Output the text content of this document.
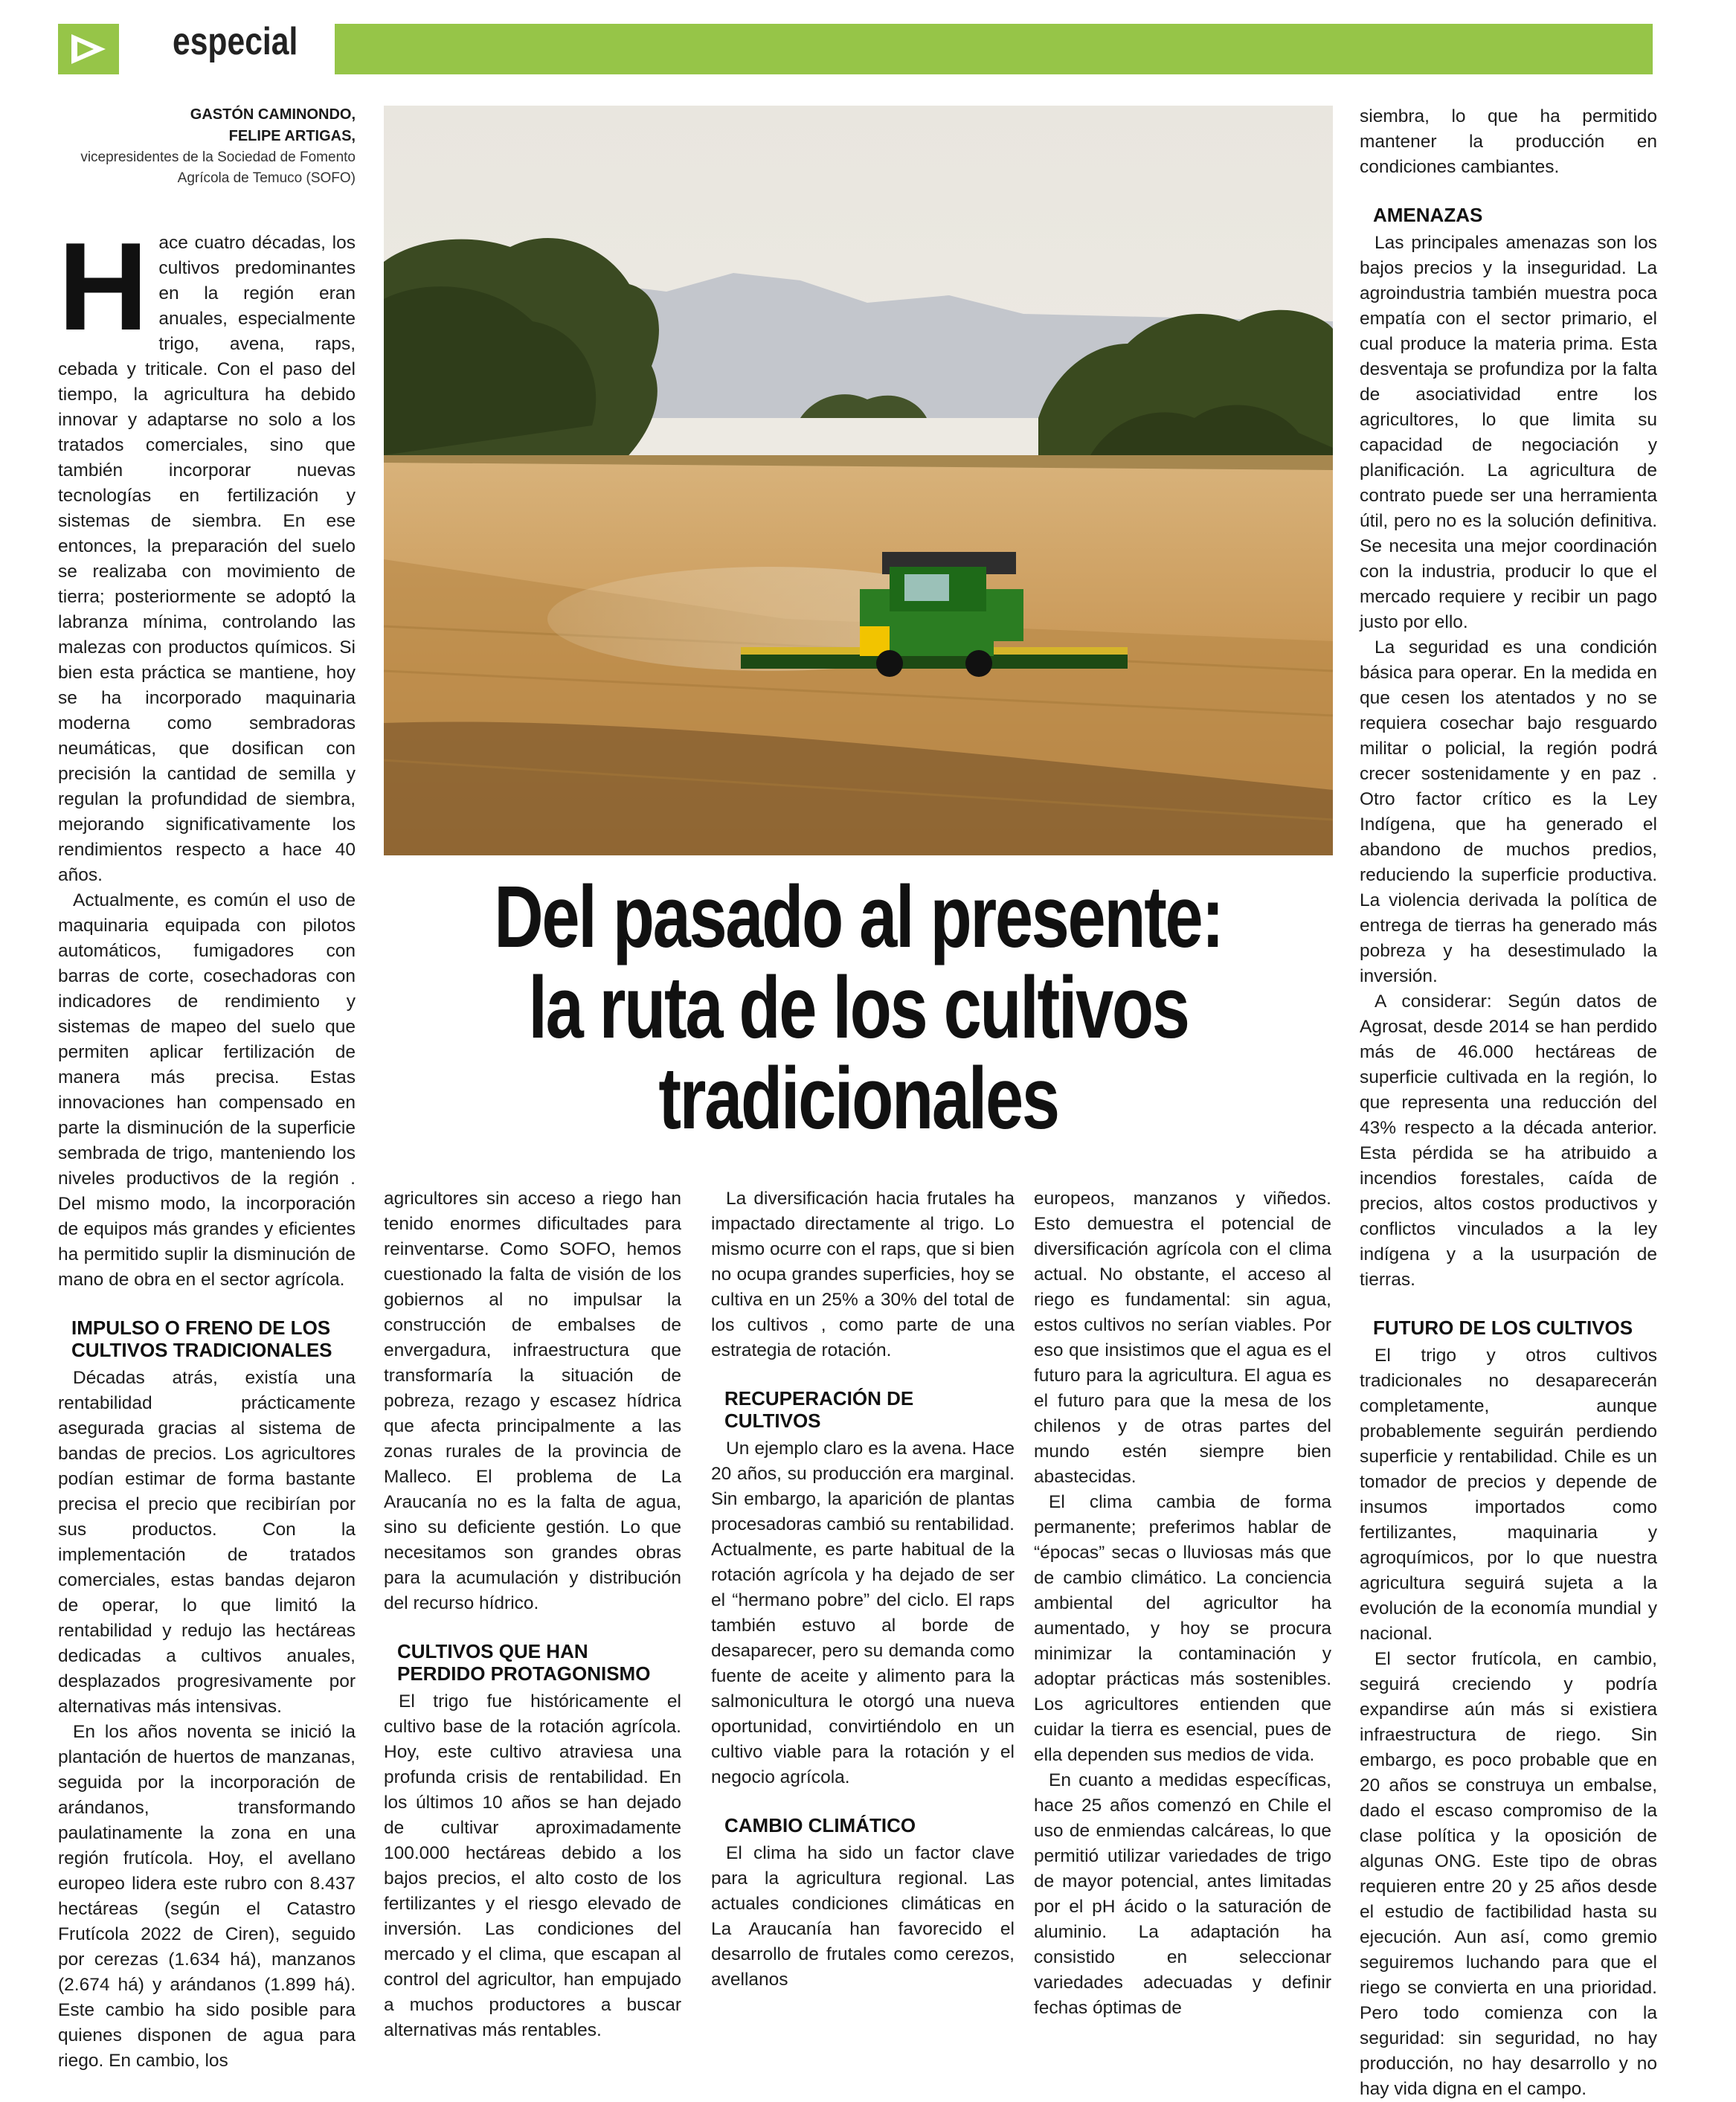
especial
GASTÓN CAMINONDO,
FELIPE ARTIGAS,
vicepresidentes de la Sociedad de Fomento
Agrícola de Temuco (SOFO)

Hace cuatro décadas, los cultivos predominantes en la región eran anuales, especialmente trigo, avena, raps, cebada y triticale. Con el paso del tiempo, la agricultura ha debido innovar y adaptarse no solo a los tratados comerciales, sino que también incorporar nuevas tecnologías en fertilización y sistemas de siembra. En ese entonces, la preparación del suelo se realizaba con movimiento de tierra; posteriormente se adoptó la labranza mínima, controlando las malezas con productos químicos. Si bien esta práctica se mantiene, hoy se ha incorporado maquinaria moderna como sembradoras neumáticas, que dosifican con precisión la cantidad de semilla y regulan la profundidad de siembra, mejorando significativamente los rendimientos respecto a hace 40 años.

Actualmente, es común el uso de maquinaria equipada con pilotos automáticos, fumigadores con barras de corte, cosechadoras con indicadores de rendimiento y sistemas de mapeo del suelo que permiten aplicar fertilización de manera más precisa. Estas innovaciones han compensado en parte la disminución de la superficie sembrada de trigo, manteniendo los niveles productivos de la región . Del mismo modo, la incorporación de equipos más grandes y eficientes ha permitido suplir la disminución de mano de obra en el sector agrícola.

IMPULSO O FRENO DE LOS CULTIVOS TRADICIONALES

Décadas atrás, existía una rentabilidad prácticamente asegurada gracias al sistema de bandas de precios. Los agricultores podían estimar de forma bastante precisa el precio que recibirían por sus productos. Con la implementación de tratados comerciales, estas bandas dejaron de operar, lo que limitó la rentabilidad y redujo las hectáreas dedicadas a cultivos anuales, desplazados progresivamente por alternativas más intensivas.

En los años noventa se inició la plantación de huertos de manzanas, seguida por la incorporación de arándanos, transformando paulatinamente la zona en una región frutícola. Hoy, el avellano europeo lidera este rubro con 8.437 hectáreas (según el Catastro Frutícola 2022 de Ciren), seguido por cerezas (1.634 há), manzanos (2.674 há) y arándanos (1.899 há). Este cambio ha sido posible para quienes disponen de agua para riego. En cambio, los

Del pasado al presente:
la ruta de los cultivos
tradicionales

agricultores sin acceso a riego han tenido enormes dificultades para reinventarse. Como SOFO, hemos cuestionado la falta de visión de los gobiernos al no impulsar la construcción de embalses de envergadura, infraestructura que transformaría la situación de pobreza, rezago y escasez hídrica que afecta principalmente a las zonas rurales de la provincia de Malleco. El problema de La Araucanía no es la falta de agua, sino su deficiente gestión. Lo que necesitamos son grandes obras para la acumulación y distribución del recurso hídrico.

CULTIVOS QUE HAN PERDIDO PROTAGONISMO

El trigo fue históricamente el cultivo base de la rotación agrícola. Hoy, este cultivo atraviesa una profunda crisis de rentabilidad. En los últimos 10 años se han dejado de cultivar aproximadamente 100.000 hectáreas debido a los bajos precios, el alto costo de los fertilizantes y el riesgo elevado de inversión. Las condiciones del mercado y el clima, que escapan al control del agricultor, han empujado a muchos productores a buscar alternativas más rentables.

La diversificación hacia frutales ha impactado directamente al trigo. Lo mismo ocurre con el raps, que si bien no ocupa grandes superficies, hoy se cultiva en un 25% a 30% del total de los cultivos , como parte de una estrategia de rotación.

RECUPERACIÓN DE CULTIVOS

Un ejemplo claro es la avena. Hace 20 años, su producción era marginal. Sin embargo, la aparición de plantas procesadoras cambió su rentabilidad. Actualmente, es parte habitual de la rotación agrícola y ha dejado de ser el “hermano pobre” del ciclo. El raps también estuvo al borde de desaparecer, pero su demanda como fuente de aceite y alimento para la salmonicultura le otorgó una nueva oportunidad, convirtiéndolo en un cultivo viable para la rotación y el negocio agrícola.

CAMBIO CLIMÁTICO

El clima ha sido un factor clave para la agricultura regional. Las actuales condiciones climáticas en La Araucanía han favorecido el desarrollo de frutales como cerezos, avellanos

europeos, manzanos y viñedos. Esto demuestra el potencial de diversificación agrícola con el clima actual. No obstante, el acceso al riego es fundamental: sin agua, estos cultivos no serían viables. Por eso que insistimos que el agua es el futuro para la agricultura. El agua es el futuro para que la mesa de los chilenos y de otras partes del mundo estén siempre bien abastecidas.

El clima cambia de forma permanente; preferimos hablar de “épocas” secas o lluviosas más que de cambio climático. La conciencia ambiental del agricultor ha aumentado, y hoy se procura minimizar la contaminación y adoptar prácticas más sostenibles. Los agricultores entienden que cuidar la tierra es esencial, pues de ella dependen sus medios de vida.

En cuanto a medidas específicas, hace 25 años comenzó en Chile el uso de enmiendas calcáreas, lo que permitió utilizar variedades de trigo de mayor potencial, antes limitadas por el pH ácido o la saturación de aluminio. La adaptación ha consistido en seleccionar variedades adecuadas y definir fechas óptimas de

siembra, lo que ha permitido mantener la producción en condiciones cambiantes.

AMENAZAS

Las principales amenazas son los bajos precios y la inseguridad. La agroindustria también muestra poca empatía con el sector primario, el cual produce la materia prima. Esta desventaja se profundiza por la falta de asociatividad entre los agricultores, lo que limita su capacidad de negociación y planificación. La agricultura de contrato puede ser una herramienta útil, pero no es la solución definitiva. Se necesita una mejor coordinación con la industria, producir lo que el mercado requiere y recibir un pago justo por ello.

La seguridad es una condición básica para operar. En la medida en que cesen los atentados y no se requiera cosechar bajo resguardo militar o policial, la región podrá crecer sostenidamente y en paz . Otro factor crítico es la Ley Indígena, que ha generado el abandono de muchos predios, reduciendo la superficie productiva. La violencia derivada la política de entrega de tierras ha generado más pobreza y ha desestimulado la inversión.

A considerar: Según datos de Agrosat, desde 2014 se han perdido más de 46.000 hectáreas de superficie cultivada en la región, lo que representa una reducción del 43% respecto a la década anterior. Esta pérdida se ha atribuido a incendios forestales, caída de precios, altos costos productivos y conflictos vinculados a la ley indígena y a la usurpación de tierras.

FUTURO DE LOS CULTIVOS

El trigo y otros cultivos tradicionales no desaparecerán completamente, aunque probablemente seguirán perdiendo superficie y rentabilidad. Chile es un tomador de precios y depende de insumos importados como fertilizantes, maquinaria y agroquímicos, por lo que nuestra agricultura seguirá sujeta a la evolución de la economía mundial y nacional.

El sector frutícola, en cambio, seguirá creciendo y podría expandirse aún más si existiera infraestructura de riego. Sin embargo, es poco probable que en 20 años se construya un embalse, dado el escaso compromiso de la clase política y la oposición de algunas ONG. Este tipo de obras requieren entre 20 y 25 años desde el estudio de factibilidad hasta su ejecución. Aun así, como gremio seguiremos luchando para que el riego se convierta en una prioridad. Pero todo comienza con la seguridad: sin seguridad, no hay producción, no hay desarrollo y no hay vida digna en el campo.
